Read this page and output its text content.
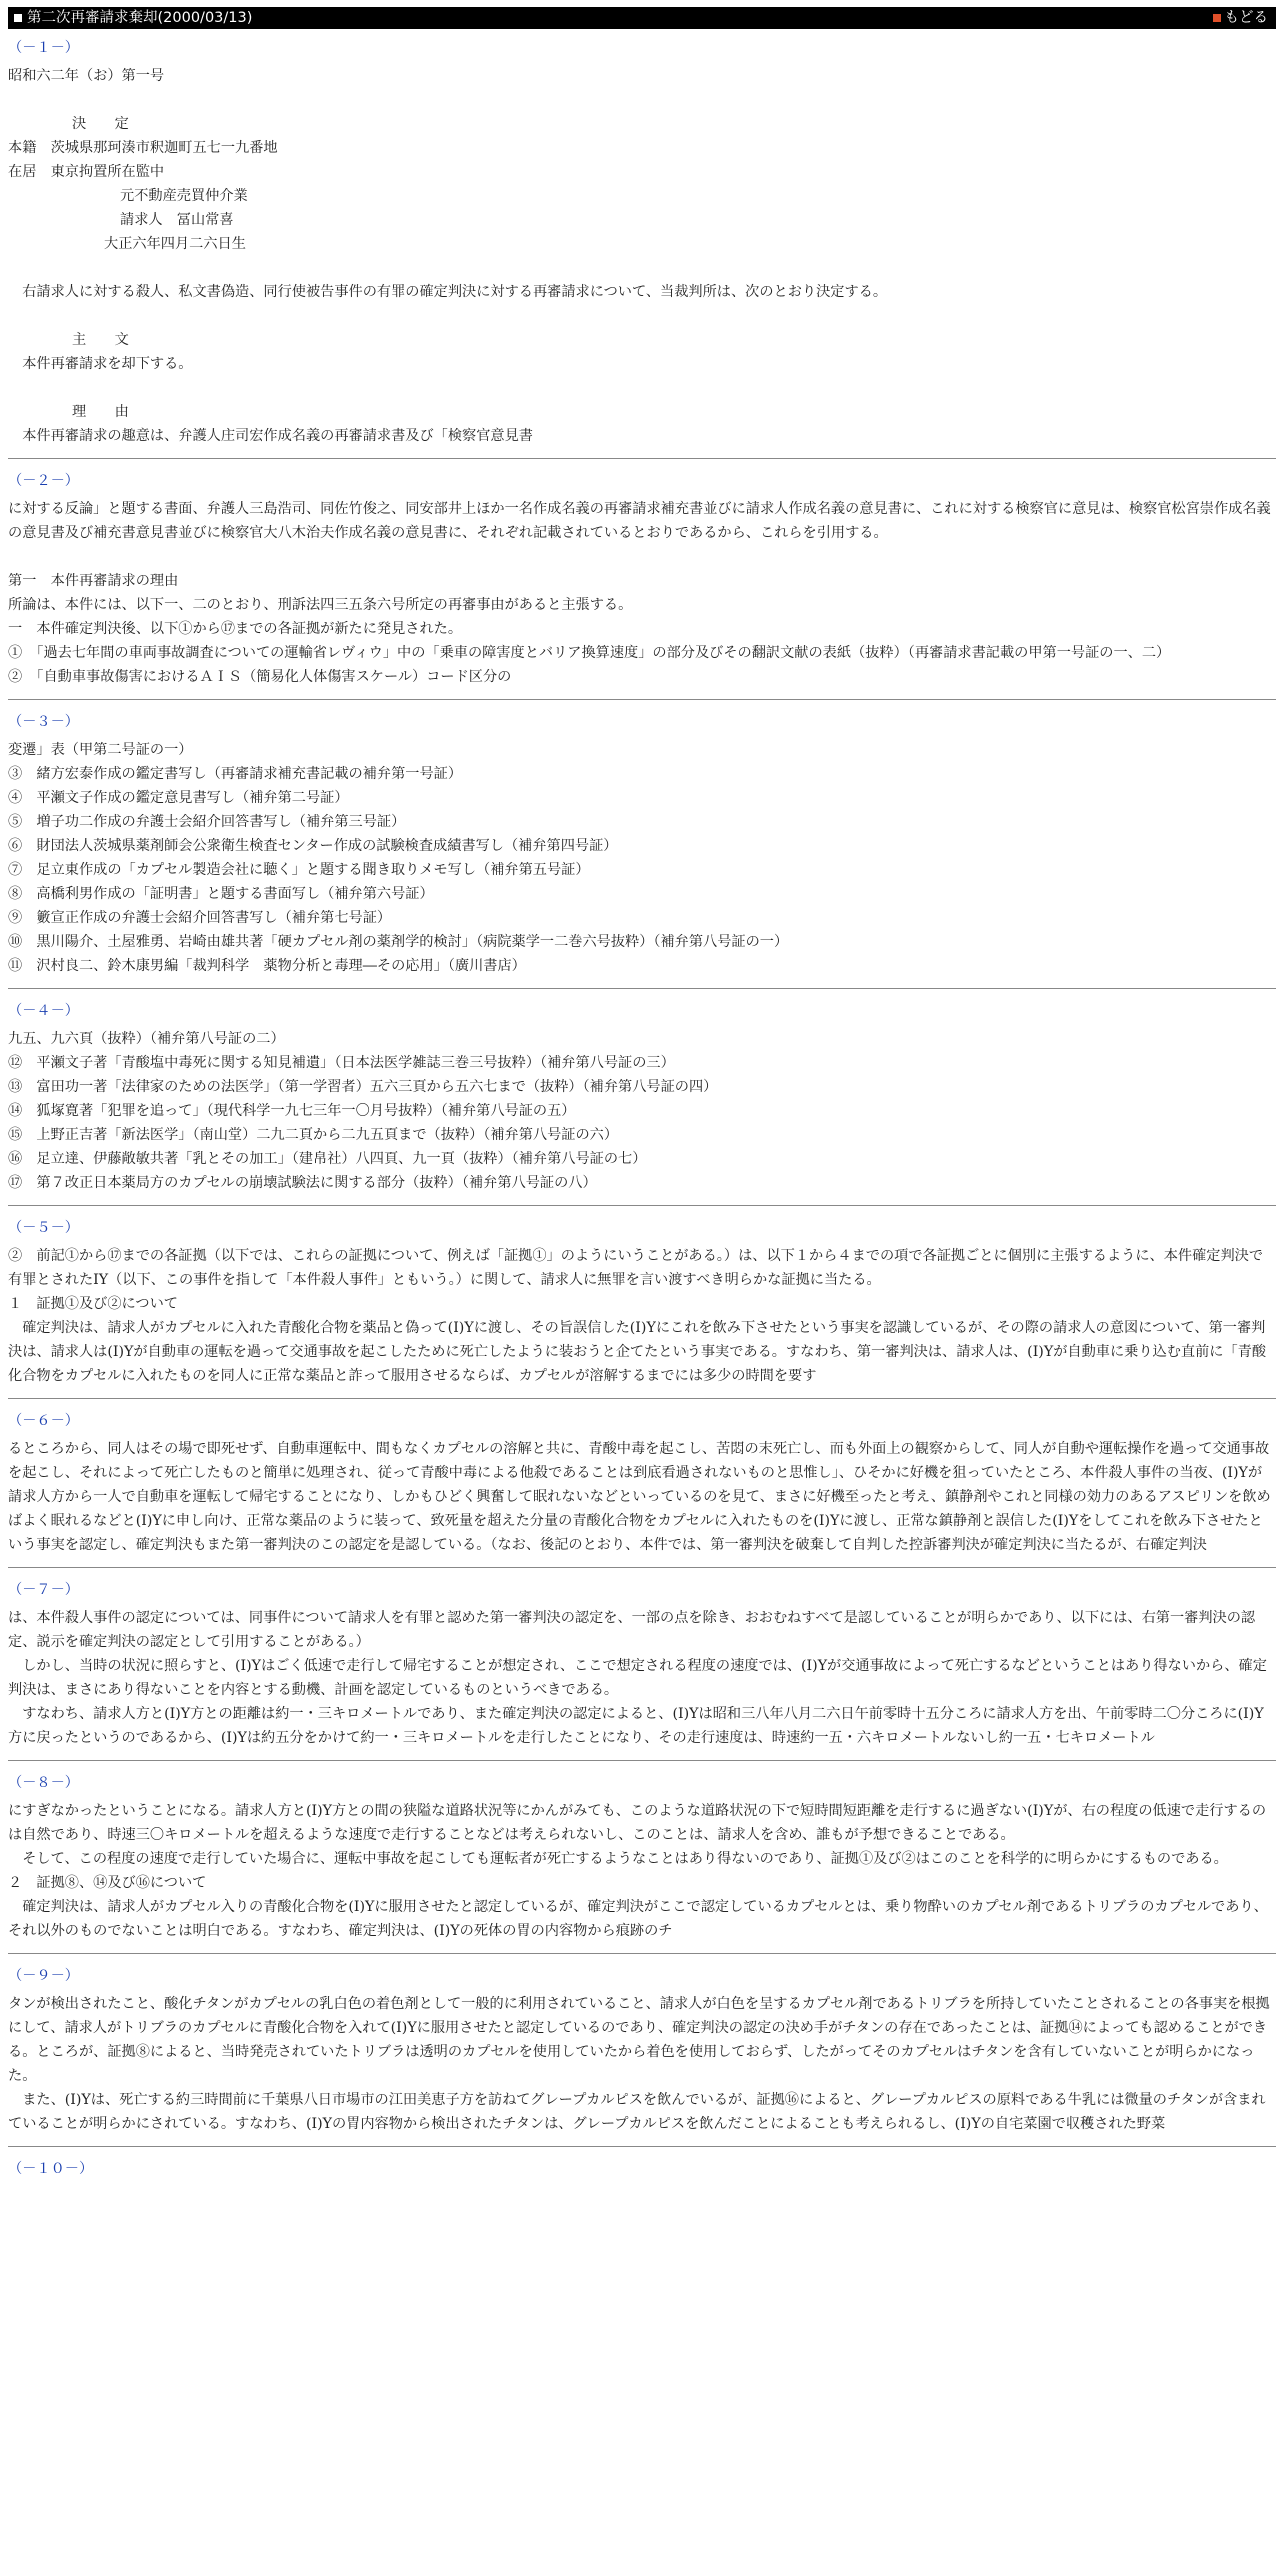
第二次再審請求棄却(2000/03/13)	もどる
（－１－）

昭和六二年（お）第一号

決　　定

本籍　茨城県那珂湊市釈迦町五七一九番地

在居　東京拘置所在監中

元不動産売買仲介業

請求人　冨山常喜

大正六年四月二六日生

右請求人に対する殺人、私文書偽造、同行使被告事件の有罪の確定判決に対する再審請求について、当裁判所は、次のとおり決定する。

主　　文

本件再審請求を却下する。

理　　由

本件再審請求の趣意は、弁護人庄司宏作成名義の再審請求書及び「検察官意見書

（－２－）

に対する反論」と題する書面、弁護人三島浩司、同佐竹俊之、同安部井上ほか一名作成名義の再審請求補充書並びに請求人作成名義の意見書に、これに対する検察官に意見は、検察官松宮崇作成名義の意見書及び補充書意見書並びに検察官大八木治夫作成名義の意見書に、それぞれ記載されているとおりであるから、これらを引用する。

第一　本件再審請求の理由

所論は、本件には、以下一、二のとおり、刑訴法四三五条六号所定の再審事由があると主張する。

一　本件確定判決後、以下①から⑰までの各証拠が新たに発見された。

①　「過去七年間の車両事故調査についての運輸省レヴィウ」中の「乗車の障害度とバリア換算速度」の部分及びその翻訳文献の表紙（抜粋）（再審請求書記載の甲第一号証の一、二）

②　「自動車事故傷害におけるＡＩＳ（簡易化人体傷害スケール）コード区分の

（－３－）

変遷」表（甲第二号証の一）

③　緒方宏泰作成の鑑定書写し（再審請求補充書記載の補弁第一号証）

④　平瀬文子作成の鑑定意見書写し（補弁第二号証）

⑤　増子功二作成の弁護士会紹介回答書写し（補弁第三号証）

⑥　財団法人茨城県薬剤師会公衆衛生検査センター作成の試験検査成績書写し（補弁第四号証）

⑦　足立東作成の「カプセル製造会社に聴く」と題する聞き取りメモ写し（補弁第五号証）

⑧　高橋利男作成の「証明書」と題する書面写し（補弁第六号証）

⑨　籔宣正作成の弁護士会紹介回答書写し（補弁第七号証）

⑩　黒川陽介、土屋雅勇、岩崎由雄共著「硬カプセル剤の薬剤学的検討」（病院薬学一二巻六号抜粋）（補弁第八号証の一）

⑪　沢村良二、鈴木康男編「裁判科学　薬物分析と毒理―その応用」（廣川書店）

（－４－）

九五、九六頁（抜粋）（補弁第八号証の二）

⑫　平瀬文子著「青酸塩中毒死に関する知見補遺」（日本法医学雑誌三巻三号抜粋）（補弁第八号証の三）

⑬　富田功一著「法律家のための法医学」（第一学習者）五六三頁から五六七まで（抜粋）（補弁第八号証の四）

⑭　狐塚寛著「犯罪を追って」（現代科学一九七三年一〇月号抜粋）（補弁第八号証の五）

⑮　上野正吉著「新法医学」（南山堂）二九二頁から二九五頁まで（抜粋）（補弁第八号証の六）

⑯　足立達、伊藤敞敏共著「乳とその加工」（建帛社）八四頁、九一頁（抜粋）（補弁第八号証の七）

⑰　第７改正日本薬局方のカプセルの崩壊試験法に関する部分（抜粋）（補弁第八号証の八）

（－５－）

②　前記①から⑰までの各証拠（以下では、これらの証拠について、例えば「証拠①」のようにいうことがある。）は、以下１から４までの項で各証拠ごとに個別に主張するように、本件確定判決で有罪とされたIY（以下、この事件を指して「本件殺人事件」ともいう。）に関して、請求人に無罪を言い渡すべき明らかな証拠に当たる。

１　証拠①及び②について

確定判決は、請求人がカプセルに入れた青酸化合物を薬品と偽って(I)Yに渡し、その旨誤信した(I)Yにこれを飲み下させたという事実を認識しているが、その際の請求人の意図について、第一審判決は、請求人は(I)Yが自動車の運転を過って交通事故を起こしたために死亡したように装おうと企てたという事実である。すなわち、第一審判決は、請求人は、(I)Yが自動車に乗り込む直前に「青酸化合物をカプセルに入れたものを同人に正常な薬品と詐って服用させるならば、カプセルが溶解するまでには多少の時間を要す

（－６－）

るところから、同人はその場で即死せず、自動車運転中、間もなくカプセルの溶解と共に、青酸中毒を起こし、苦悶の末死亡し、而も外面上の観察からして、同人が自動や運転操作を過って交通事故を起こし、それによって死亡したものと簡単に処理され、従って青酸中毒による他殺であることは到底看過されないものと思惟し」、ひそかに好機を狙っていたところ、本件殺人事件の当夜、(I)Yが請求人方から一人で自動車を運転して帰宅することになり、しかもひどく興奮して眠れないなどといっているのを見て、まさに好機至ったと考え、鎮静剤やこれと同様の効力のあるアスピリンを飲めばよく眠れるなどと(I)Yに申し向け、正常な薬品のように装って、致死量を超えた分量の青酸化合物をカプセルに入れたものを(I)Yに渡し、正常な鎮静剤と誤信した(I)Yをしてこれを飲み下させたという事実を認定し、確定判決もまた第一審判決のこの認定を是認している。（なお、後記のとおり、本件では、第一審判決を破棄して自判した控訴審判決が確定判決に当たるが、右確定判決

（－７－）

は、本件殺人事件の認定については、同事件について請求人を有罪と認めた第一審判決の認定を、一部の点を除き、おおむねすべて是認していることが明らかであり、以下には、右第一審判決の認定、説示を確定判決の認定として引用することがある。）

しかし、当時の状況に照らすと、(I)Yはごく低速で走行して帰宅することが想定され、ここで想定される程度の速度では、(I)Yが交通事故によって死亡するなどということはあり得ないから、確定判決は、まさにあり得ないことを内容とする動機、計画を認定しているものというべきである。

すなわち、請求人方と(I)Y方との距離は約一・三キロメートルであり、また確定判決の認定によると、(I)Yは昭和三八年八月二六日午前零時十五分ころに請求人方を出、午前零時二〇分ころに(I)Y方に戻ったというのであるから、(I)Yは約五分をかけて約一・三キロメートルを走行したことになり、その走行速度は、時速約一五・六キロメートルないし約一五・七キロメートル

（－８－）

にすぎなかったということになる。請求人方と(I)Y方との間の狭隘な道路状況等にかんがみても、このような道路状況の下で短時間短距離を走行するに過ぎない(I)Yが、右の程度の低速で走行するのは自然であり、時速三〇キロメートルを超えるような速度で走行することなどは考えられないし、このことは、請求人を含め、誰もが予想できることである。

そして、この程度の速度で走行していた場合に、運転中事故を起こしても運転者が死亡するようなことはあり得ないのであり、証拠①及び②はこのことを科学的に明らかにするものである。

２　証拠⑧、⑭及び⑯について

確定判決は、請求人がカプセル入りの青酸化合物を(I)Yに服用させたと認定しているが、確定判決がここで認定しているカプセルとは、乗り物酔いのカプセル剤であるトリブラのカプセルであり、それ以外のものでないことは明白である。すなわち、確定判決は、(I)Yの死体の胃の内容物から痕跡のチ

（－９－）

タンが検出されたこと、酸化チタンがカプセルの乳白色の着色剤として一般的に利用されていること、請求人が白色を呈するカプセル剤であるトリブラを所持していたことされることの各事実を根拠にして、請求人がトリブラのカプセルに青酸化合物を入れて(I)Yに服用させたと認定しているのであり、確定判決の認定の決め手がチタンの存在であったことは、証拠⑭によっても認めることができる。ところが、証拠⑧によると、当時発売されていたトリブラは透明のカプセルを使用していたから着色を使用しておらず、したがってそのカプセルはチタンを含有していないことが明らかになった。

また、(I)Yは、死亡する約三時間前に千葉県八日市場市の江田美恵子方を訪ねてグレープカルピスを飲んでいるが、証拠⑯によると、グレープカルピスの原料である牛乳には微量のチタンが含まれていることが明らかにされている。すなわち、(I)Yの胃内容物から検出されたチタンは、グレープカルピスを飲んだことによることも考えられるし、(I)Yの自宅菜園で収穫された野菜

（－１０－）
